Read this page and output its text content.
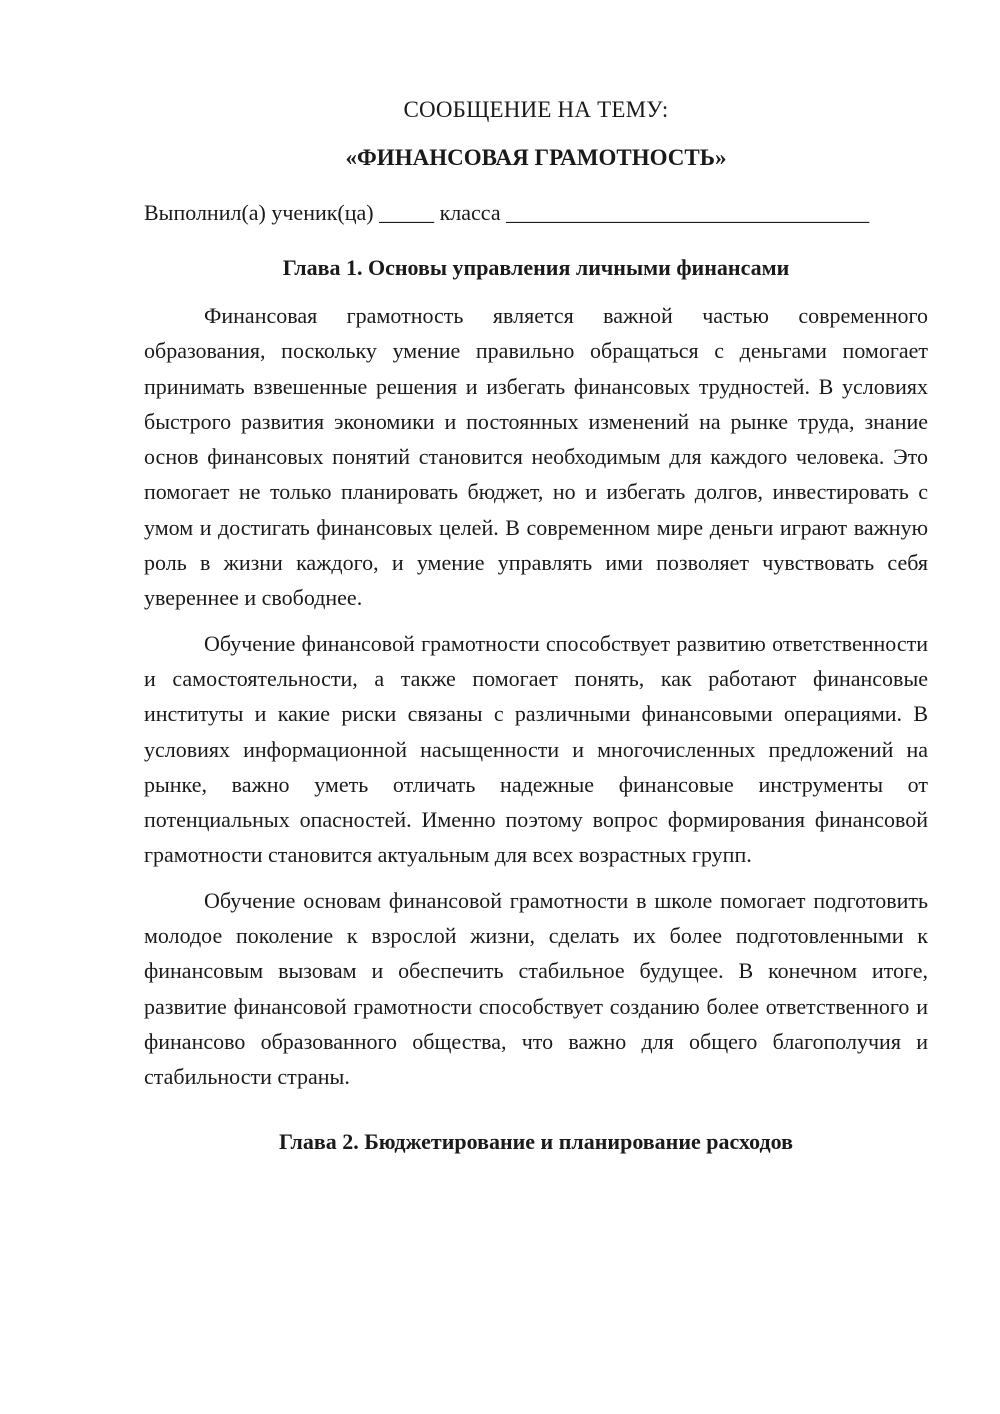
СООБЩЕНИЕ НА ТЕМУ:

«ФИНАНСОВАЯ ГРАМОТНОСТЬ»

Выполнил(а) ученик(ца) _____ класса _________________________________

Глава 1. Основы управления личными финансами

Финансовая грамотность является важной частью современного образования, поскольку умение правильно обращаться с деньгами помогает принимать взвешенные решения и избегать финансовых трудностей. В условиях быстрого развития экономики и постоянных изменений на рынке труда, знание основ финансовых понятий становится необходимым для каждого человека. Это помогает не только планировать бюджет, но и избегать долгов, инвестировать с умом и достигать финансовых целей. В современном мире деньги играют важную роль в жизни каждого, и умение управлять ими позволяет чувствовать себя увереннее и свободнее.

Обучение финансовой грамотности способствует развитию ответственности и самостоятельности, а также помогает понять, как работают финансовые институты и какие риски связаны с различными финансовыми операциями. В условиях информационной насыщенности и многочисленных предложений на рынке, важно уметь отличать надежные финансовые инструменты от потенциальных опасностей. Именно поэтому вопрос формирования финансовой грамотности становится актуальным для всех возрастных групп.

Обучение основам финансовой грамотности в школе помогает подготовить молодое поколение к взрослой жизни, сделать их более подготовленными к финансовым вызовам и обеспечить стабильное будущее. В конечном итоге, развитие финансовой грамотности способствует созданию более ответственного и финансово образованного общества, что важно для общего благополучия и стабильности страны.

Глава 2. Бюджетирование и планирование расходов
